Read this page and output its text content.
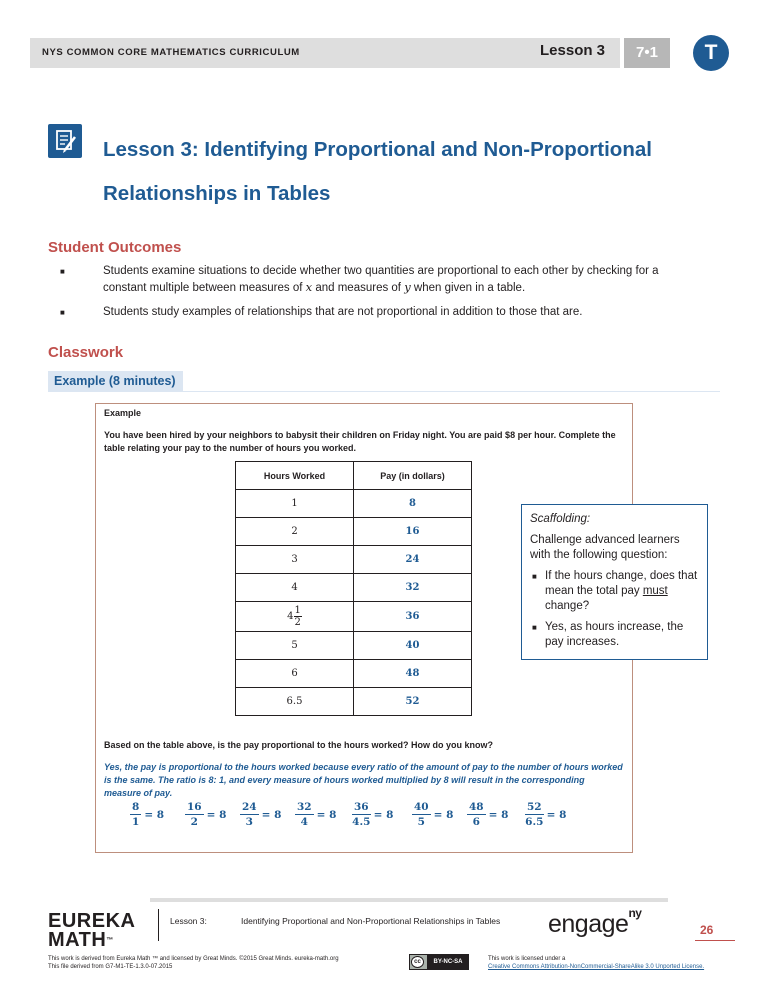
NYS COMMON CORE MATHEMATICS CURRICULUM	Lesson 3	7•1	T
Lesson 3: Identifying Proportional and Non-Proportional Relationships in Tables
Student Outcomes
■	Students examine situations to decide whether two quantities are proportional to each other by checking for a constant multiple between measures of x and measures of y when given in a table.
■	Students study examples of relationships that are not proportional in addition to those that are.
Classwork
Example (8 minutes)
Example
You have been hired by your neighbors to babysit their children on Friday night. You are paid $8 per hour. Complete the table relating your pay to the number of hours you worked.
Hours Worked	Pay (in dollars)
1	8
2	16
3	24
4	32
$4 \frac{1}{2}$	36
5	40
6	48
6.5	52
Scaffolding:
Challenge advanced learners with the following question:
■ If the hours change, does that mean the total pay must change?
■ Yes, as hours increase, the pay increases.
Based on the table above, is the pay proportional to the hours worked? How do you know?
Yes, the pay is proportional to the hours worked because every ratio of the amount of pay to the number of hours worked is the same. The ratio is 8: 1, and every measure of hours worked multiplied by 8 will result in the corresponding measure of pay.
$\frac{8}{1} = 8 \frac{16}{2} = 8 \frac{24}{3} = 8 \frac{32}{4} = 8 \frac{36}{4.5} = 8 \frac{40}{5} = 8 \frac{48}{6} = 8 \frac{52}{6.5} = 8$
EUREKA
MATH™
Lesson 3:	Identifying Proportional and Non-Proportional Relationships in Tables engage$^{ny}$
26
This work is derived from Eureka Math ™ and licensed by Great Minds. ©2015 Great Minds. eureka-math.org
This file derived from G7-M1-TE-1.3.0-07.2015
cc	BY-NC-SA	This work is licensed under a
Creative Commons Attribution-NonCommercial-ShareAlike 3.0 Unported License.
